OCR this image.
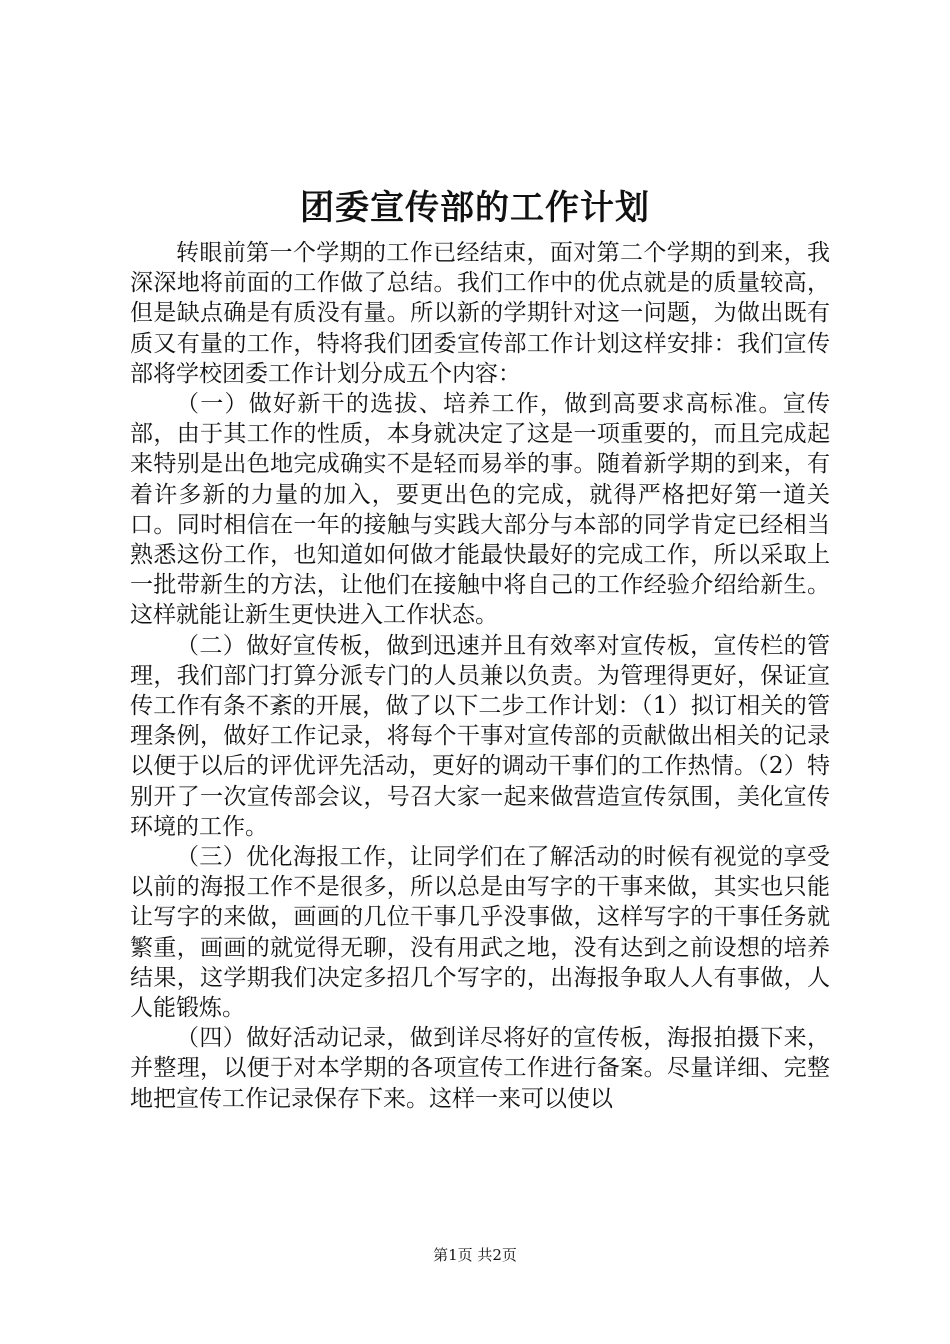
团委宣传部的工作计划

转眼前第一个学期的工作已经结束，面对第二个学期的到来，我深深地将前面的工作做了总结。我们工作中的优点就是的质量较高，但是缺点确是有质没有量。所以新的学期针对这一问题，为做出既有质又有量的工作，特将我们团委宣传部工作计划这样安排：我们宣传部将学校团委工作计划分成五个内容：

（一）做好新干的选拔、培养工作，做到高要求高标准。宣传部，由于其工作的性质，本身就决定了这是一项重要的，而且完成起来特别是出色地完成确实不是轻而易举的事。随着新学期的到来，有着许多新的力量的加入，要更出色的完成，就得严格把好第一道关口。同时相信在一年的接触与实践大部分与本部的同学肯定已经相当熟悉这份工作，也知道如何做才能最快最好的完成工作，所以采取上一批带新生的方法，让他们在接触中将自己的工作经验介绍给新生。这样就能让新生更快进入工作状态。

（二）做好宣传板，做到迅速并且有效率对宣传板，宣传栏的管理，我们部门打算分派专门的人员兼以负责。为管理得更好，保证宣传工作有条不紊的开展，做了以下二步工作计划：（1）拟订相关的管理条例，做好工作记录，将每个干事对宣传部的贡献做出相关的记录以便于以后的评优评先活动，更好的调动干事们的工作热情。（2）特别开了一次宣传部会议，号召大家一起来做营造宣传氛围，美化宣传环境的工作。

（三）优化海报工作，让同学们在了解活动的时候有视觉的享受以前的海报工作不是很多，所以总是由写字的干事来做，其实也只能让写字的来做，画画的几位干事几乎没事做，这样写字的干事任务就繁重，画画的就觉得无聊，没有用武之地，没有达到之前设想的培养结果，这学期我们决定多招几个写字的，出海报争取人人有事做，人人能锻炼。

（四）做好活动记录，做到详尽将好的宣传板，海报拍摄下来，并整理，以便于对本学期的各项宣传工作进行备案。尽量详细、完整地把宣传工作记录保存下来。这样一来可以使以

第1页 共2页
